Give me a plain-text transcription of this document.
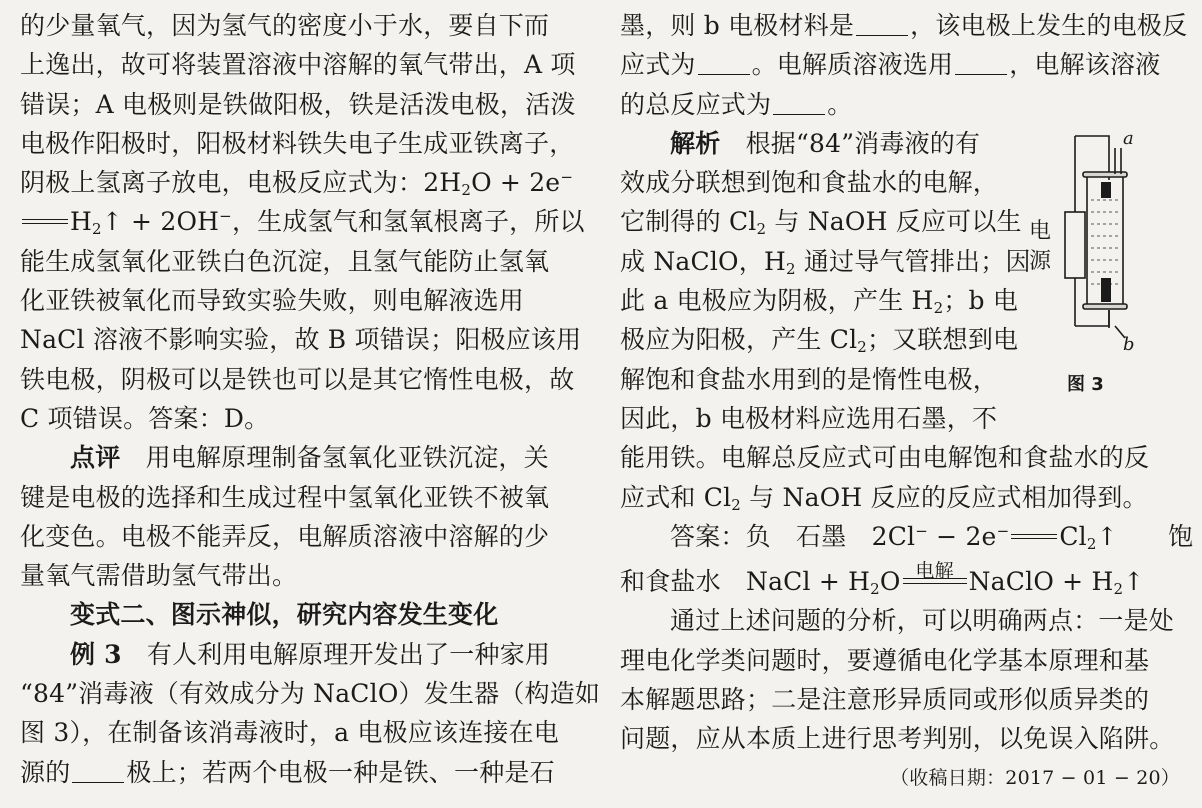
的少量氧气，因为氢气的密度小于水，要自下而

上逸出，故可将装置溶液中溶解的氧气带出，A 项

错误；A 电极则是铁做阳极，铁是活泼电极，活泼

电极作阳极时，阳极材料铁失电子生成亚铁离子，

阴极上氢离子放电，电极反应式为：$2H_2O + 2e^-$

$H_2↑ + 2OH^-$，生成氢气和氢氧根离子，所以

能生成氢氧化亚铁白色沉淀，且氢气能防止氢氧

化亚铁被氧化而导致实验失败，则电解液选用

NaCl 溶液不影响实验，故 B 项错误；阳极应该用

铁电极，阴极可以是铁也可以是其它惰性电极，故

C 项错误。答案：D。

点评　 用电解原理制备氢氧化亚铁沉淀，关

键是电极的选择和生成过程中氢氧化亚铁不被氧

化变色。电极不能弄反，电解质溶液中溶解的少

量氧气需借助氢气带出。

变式二、图示神似，研究内容发生变化

例 3　 有人利用电解原理开发出了一种家用

“84”消毒液（有效成分为 NaClO）发生器（构造如

图 3），在制备该消毒液时，a 电极应该连接在电

源的 极上；若两个电极一种是铁、一种是石

墨，则 b 电极材料是 ，该电极上发生的电极反

应式为 。电解质溶液选用 ，电解该溶液

的总反应式为 。

解析　 根据“84”消毒液的有

效成分联想到饱和食盐水的电解，

它制得的 $Cl_2$ 与 NaOH 反应可以生

成 NaClO，$H_2$ 通过导气管排出；因

此 a 电极应为阴极，产生 $H_2$；b 电

极应为阳极，产生 $Cl_2$；又联想到电

解饱和食盐水用到的是惰性电极，

因此，b 电极材料应选用石墨，不

能用铁。电解总反应式可由电解饱和食盐水的反

应式和 $Cl_2$ 与 NaOH 反应的反应式相加得到。

答案：负　石墨　2Cl− − 2e− $Cl_2↑$　　饱

和食盐水　NaCl + $H_2O$ 电解 NaClO + $H_2↑$

通过上述问题的分析，可以明确两点：一是处

理电化学类问题时，要遵循电化学基本原理和基

本解题思路；二是注意形异质同或形似质异类的

问题，应从本质上进行思考判别，以免误入陷阱。

（收稿日期：2017 − 01 − 20）

a
b
电
源
图 3
